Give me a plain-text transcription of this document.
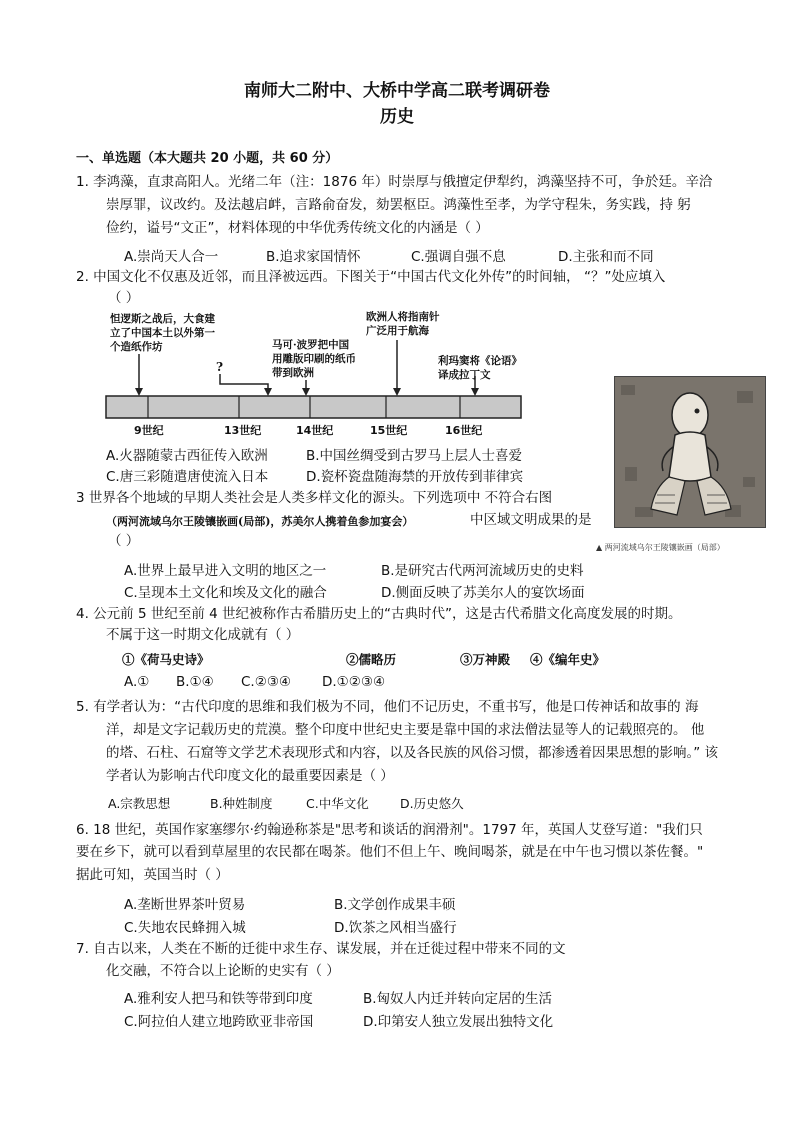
南师大二附中、大桥中学高二联考调研卷
历史
一、单选题（本大题共 20 小题，共 60 分）
1. 李鸿藻，直隶高阳人。光绪二年（注：1876 年）时崇厚与俄擅定伊犁约，鸿藻坚持不可，争於廷。辛洽
崇厚罪，议改约。及法越启衅，言路俞奋发，劾罢枢臣。鸿藻性至孝，为学守程朱，务实践，持 躬
俭约，谥号“文正”，材料体现的中华优秀传统文化的内涵是（ ）
A.崇尚天人合一	B.追求家国情怀	C.强调自强不息	D.主张和而不同
2. 中国文化不仅惠及近邻，而且泽被远西。下图关于“中国古代文化外传”的时间轴， “？”处应填入
（ ）
怛逻斯之战后，大食建
立了中国本土以外第一
个造纸作坊
?
马可·波罗把中国
用雕版印刷的纸币
带到欧洲
欧洲人将指南针
广泛用于航海
利玛窦将《论语》
译成拉丁文
9世纪	13世纪	14世纪	15世纪	16世纪
A.火器随蒙古西征传入欧洲	B.中国丝绸受到古罗马上层人士喜爱
C.唐三彩随遣唐使流入日本	D.瓷杯瓷盘随海禁的开放传到菲律宾
3 世界各个地域的早期人类社会是人类多样文化的源头。下列选项中 不符合右图
（两河流域乌尔王陵镶嵌画(局部)，苏美尔人携着鱼参加宴会）	中区域文明成果的是
（ ）
A.世界上最早进入文明的地区之一	B.是研究古代两河流域历史的史料
C.呈现本土文化和埃及文化的融合	D.侧面反映了苏美尔人的宴饮场面
▲ 两河流域乌尔王陵镶嵌画（局部）
4. 公元前 5 世纪至前 4 世纪被称作古希腊历史上的“古典时代”，这是古代希腊文化高度发展的时期。
不属于这一时期文化成就有（ ）
①《荷马史诗》	②儒略历	③万神殿 ④《编年史》
A.① B.①④ C.②③④ D.①②③④
5. 有学者认为：“古代印度的思维和我们极为不同，他们不记历史，不重书写，他是口传神话和故事的 海
洋，却是文字记载历史的荒漠。整个印度中世纪史主要是靠中国的求法僧法显等人的记载照亮的。 他
的塔、石柱、石窟等文学艺术表现形式和内容，以及各民族的风俗习惯，都渗透着因果思想的影响。” 该
学者认为影响古代印度文化的最重要因素是（ ）
A.宗教思想	B.种姓制度	C.中华文化	D.历史悠久
6. 18 世纪，英国作家塞缪尔·约翰逊称茶是"思考和谈话的润滑剂"。1797 年，英国人艾登写道："我们只
要在乡下，就可以看到草屋里的农民都在喝茶。他们不但上午、晚间喝茶，就是在中午也习惯以茶佐餐。"
据此可知，英国当时（ ）
A.垄断世界茶叶贸易	B.文学创作成果丰硕
C.失地农民蜂拥入城	D.饮茶之风相当盛行
7. 自古以来，人类在不断的迁徙中求生存、谋发展，并在迁徙过程中带来不同的文
化交融，不符合以上论断的史实有（ ）
A.雅利安人把马和铁等带到印度	B.匈奴人内迁并转向定居的生活
C.阿拉伯人建立地跨欧亚非帝国	D.印第安人独立发展出独特文化
